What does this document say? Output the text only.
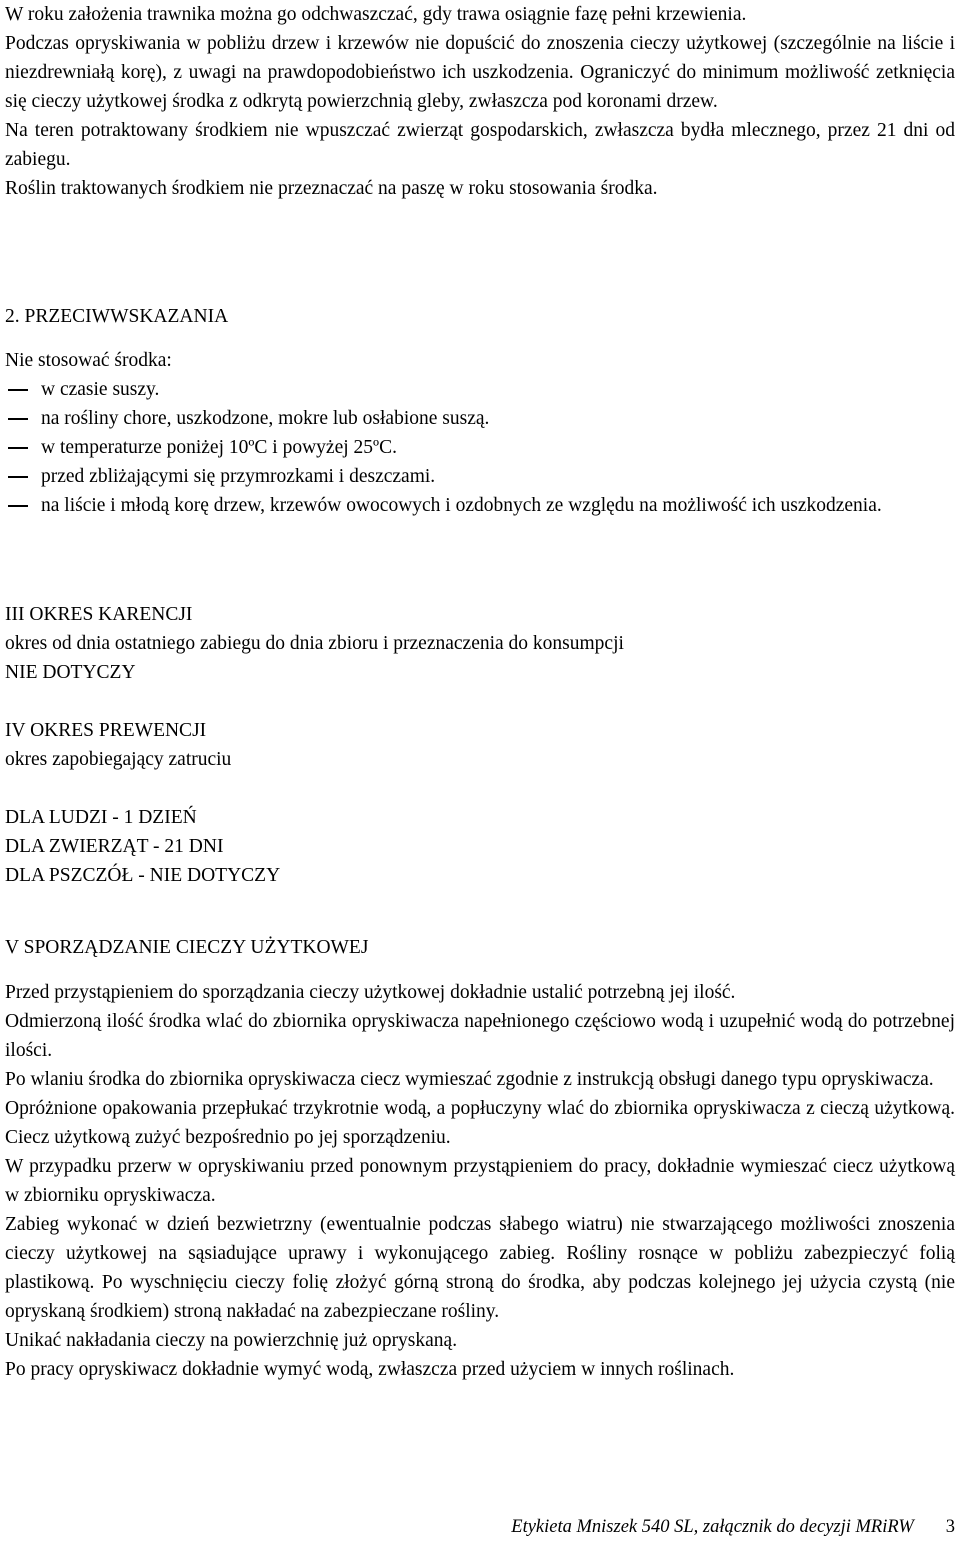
W roku założenia trawnika można go odchwaszczać, gdy trawa osiągnie fazę pełni krzewienia.

Podczas opryskiwania w pobliżu drzew i krzewów nie dopuścić do znoszenia cieczy użytkowej (szczególnie na liście i niezdrewniałą korę), z uwagi na prawdopodobieństwo ich uszkodzenia. Ograniczyć do minimum możliwość zetknięcia się cieczy użytkowej środka z odkrytą powierzchnią gleby, zwłaszcza pod koronami drzew.

Na teren potraktowany środkiem nie wpuszczać zwierząt gospodarskich, zwłaszcza bydła mlecznego, przez 21 dni od zabiegu.

Roślin traktowanych środkiem nie przeznaczać na paszę w roku stosowania środka.

2. PRZECIWWSKAZANIA
Nie stosować środka:
w czasie suszy.
na rośliny chore, uszkodzone, mokre lub osłabione suszą.
w temperaturze poniżej 10ºC i powyżej 25ºC.
przed zbliżającymi się przymrozkami i deszczami.
na liście i młodą korę drzew, krzewów owocowych i ozdobnych ze względu na możliwość ich uszkodzenia.
III OKRES KARENCJI
okres od dnia ostatniego zabiegu do dnia zbioru i przeznaczenia do konsumpcji
NIE DOTYCZY
IV OKRES PREWENCJI
okres zapobiegający zatruciu
DLA LUDZI - 1 DZIEŃ
DLA ZWIERZĄT - 21 DNI
DLA PSZCZÓŁ - NIE DOTYCZY
V SPORZĄDZANIE CIECZY UŻYTKOWEJ

Przed przystąpieniem do sporządzania cieczy użytkowej dokładnie ustalić potrzebną jej ilość.

Odmierzoną ilość środka wlać do zbiornika opryskiwacza napełnionego częściowo wodą i uzupełnić wodą do potrzebnej ilości.

Po wlaniu środka do zbiornika opryskiwacza ciecz wymieszać zgodnie z instrukcją obsługi danego typu opryskiwacza.

Opróżnione opakowania przepłukać trzykrotnie wodą, a popłuczyny wlać do zbiornika opryskiwacza z cieczą użytkową. Ciecz użytkową zużyć bezpośrednio po jej sporządzeniu.

W przypadku przerw w opryskiwaniu przed ponownym przystąpieniem do pracy, dokładnie wymieszać ciecz użytkową w zbiorniku opryskiwacza.

Zabieg wykonać w dzień bezwietrzny (ewentualnie podczas słabego wiatru) nie stwarzającego możliwości znoszenia cieczy użytkowej na sąsiadujące uprawy i wykonującego zabieg. Rośliny rosnące w pobliżu zabezpieczyć folią plastikową. Po wyschnięciu cieczy folię złożyć górną stroną do środka, aby podczas kolejnego jej użycia czystą (nie opryskaną środkiem) stroną nakładać na zabezpieczane rośliny.

Unikać nakładania cieczy na powierzchnię już opryskaną.

Po pracy opryskiwacz dokładnie wymyć wodą, zwłaszcza przed użyciem w innych roślinach.

Etykieta Mniszek 540 SL, załącznik do decyzji MRiRW 3
